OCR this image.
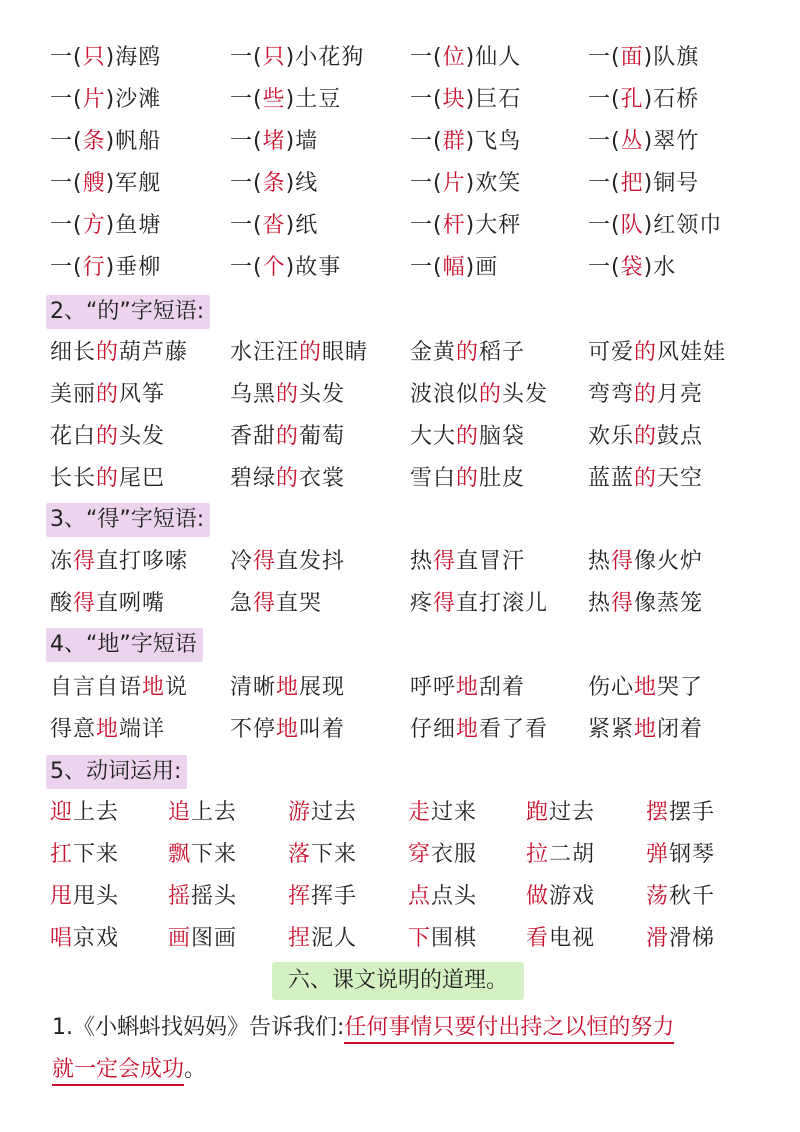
一(只)海鸥	一(只)小花狗 一(位)仙人	一(面)队旗
一(片)沙滩	一(些)土豆	一(块)巨石	一(孔)石桥
一(条)帆船	一(堵)墙	一(群)飞鸟	一(丛)翠竹
一(艘)军舰	一(条)线	一(片)欢笑	一(把)铜号
一(方)鱼塘	一(沓)纸	一(杆)大秤	一(队)红领巾
一(行)垂柳	一(个)故事	一(幅)画	一(袋)水
2、“的”字短语:
细长的葫芦藤 水汪汪的眼睛 金黄的稻子	可爱的风娃娃
美丽的风筝	乌黑的头发	波浪似的头发 弯弯的月亮
花白的头发	香甜的葡萄	大大的脑袋	欢乐的鼓点
长长的尾巴	碧绿的衣裳	雪白的肚皮	蓝蓝的天空
3、“得”字短语:
冻得直打哆嗦 冷得直发抖	热得直冒汗	热得像火炉
酸得直咧嘴	急得直哭	疼得直打滚儿 热得像蒸笼
4、“地”字短语
自言自语地说 清晰地展现	呼呼地刮着	伤心地哭了
得意地端详	不停地叫着	仔细地看了看 紧紧地闭着
5、动词运用:
迎上去 追上去 游过去 走过来 跑过去 摆摆手
扛下来 飘下来 落下来 穿衣服 拉二胡 弹钢琴
甩甩头 摇摇头 挥挥手 点点头 做游戏 荡秋千
唱京戏 画图画 捏泥人 下围棋 看电视 滑滑梯
六、课文说明的道理。
1.《小蝌蚪找妈妈》告诉我们:任何事情只要付出持之以恒的努力
就一定会成功。
